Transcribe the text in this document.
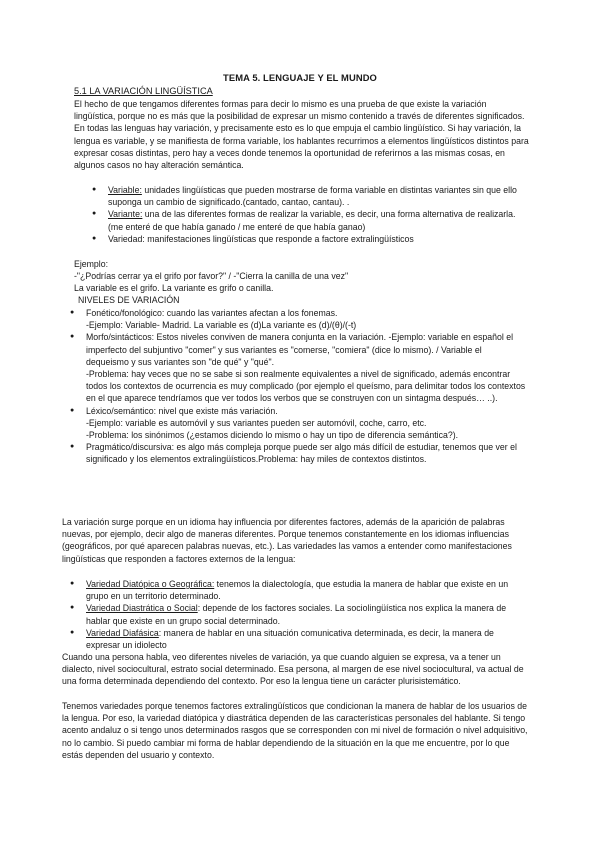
TEMA 5. LENGUAJE Y EL MUNDO
5.1 LA VARIACIÓN LINGÜÍSTICA

El hecho de que tengamos diferentes formas para decir lo mismo es una prueba de que existe la variación lingüística, porque no es más que la posibilidad de expresar un mismo contenido a través de diferentes significados. En todas las lenguas hay variación, y precisamente esto es lo que empuja el cambio lingüístico. Si hay variación, la lengua es variable, y se manifiesta de forma variable, los hablantes recurrimos a elementos lingüísticos distintos para expresar cosas distintas, pero hay a veces donde tenemos la oportunidad de referirnos a las mismas cosas, en algunos casos no hay alteración semántica.

● Variable: unidades lingüísticas que pueden mostrarse de forma variable en distintas variantes sin que ello suponga un cambio de significado.(cantado, cantao, cantau). .
● Variante: una de las diferentes formas de realizar la variable, es decir, una forma alternativa de realizarla.(me enteré de que había ganado / me enteré de que había ganao)
● Variedad: manifestaciones lingüísticas que responde a factore extralingüísticos

Ejemplo:

-"¿Podrías cerrar ya el grifo por favor?" / -"Cierra la canilla de una vez"

La variable es el grifo. La variante es grifo o canilla.

NIVELES DE VARIACIÓN

● Fonético/fonológico: cuando las variantes afectan a los fonemas.
-Ejemplo: Variable- Madrid. La variable es (d)La variante es (d)/(θ)/(-t)
● Morfo/sintácticos: Estos niveles conviven de manera conjunta en la variación. -Ejemplo: variable en español el imperfecto del subjuntivo "comer" y sus variantes es "comerse, "comiera" (dice lo mismo). / Variable el dequeismo y sus variantes son "de qué" y "qué".
-Problema: hay veces que no se sabe si son realmente equivalentes a nivel de significado, además encontrar todos los contextos de ocurrencia es muy complicado (por ejemplo el queísmo, para delimitar todos los contextos en el que aparece tendríamos que ver todos los verbos que se construyen con un sintagma después… ..).
● Léxico/semántico: nivel que existe más variación.
-Ejemplo: variable es automóvil y sus variantes pueden ser automóvil, coche, carro, etc.
-Problema: los sinónimos (¿estamos diciendo lo mismo o hay un tipo de diferencia semántica?).
● Pragmático/discursiva: es algo más compleja porque puede ser algo más difícil de estudiar, tenemos que ver el significado y los elementos extralingüísticos.Problema: hay miles de contextos distintos.

La variación surge porque en un idioma hay influencia por diferentes factores, además de la aparición de palabras nuevas, por ejemplo, decir algo de maneras diferentes. Porque tenemos constantemente en los idiomas influencias (geográficos, por qué aparecen palabras nuevas, etc.). Las variedades las vamos a entender como manifestaciones lingüísticas que responden a factores externos de la lengua:

● Variedad Diatópica o Geográfica: tenemos la dialectología, que estudia la manera de hablar que existe en un grupo en un territorio determinado.
● Variedad Diastrática o Social: depende de los factores sociales. La sociolingüística nos explica la manera de hablar que existe en un grupo social determinado.
● Variedad Diafásica: manera de hablar en una situación comunicativa determinada, es decir, la manera de expresar un idiolecto

Cuando una persona habla, veo diferentes niveles de variación, ya que cuando alguien se expresa, va a tener un dialecto, nivel sociocultural, estrato social determinado. Esa persona, al margen de ese nivel sociocultural, va actual de una forma determinada dependiendo del contexto. Por eso la lengua tiene un carácter plurisistemático.

Tenemos variedades porque tenemos factores extralingüísticos que condicionan la manera de hablar de los usuarios de la lengua. Por eso, la variedad diatópica y diastrática dependen de las características personales del hablante. Si tengo acento andaluz o si tengo unos determinados rasgos que se corresponden con mi nivel de formación o nivel adquisitivo, no lo cambio. Si puedo cambiar mi forma de hablar dependiendo de la situación en la que me encuentre, por lo que estás dependen del usuario y contexto.
